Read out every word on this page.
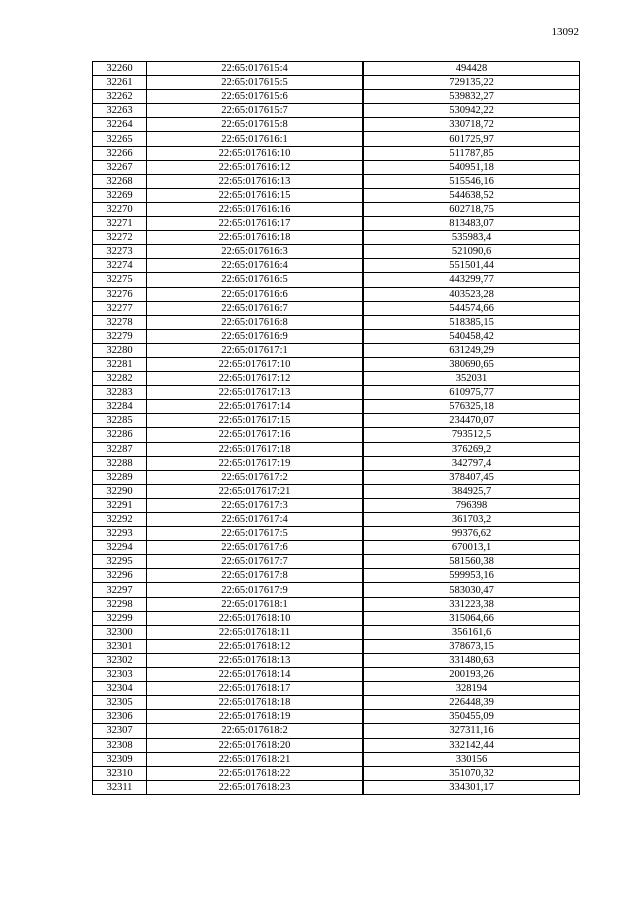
13092
32260	22:65:017615:4	494428
32261	22:65:017615:5	729135,22
32262	22:65:017615:6	539832,27
32263	22:65:017615:7	530942,22
32264	22:65:017615:8	330718,72
32265	22:65:017616:1	601725,97
32266	22:65:017616:10	511787,85
32267	22:65:017616:12	540951,18
32268	22:65:017616:13	515546,16
32269	22:65:017616:15	544638,52
32270	22:65:017616:16	602718,75
32271	22:65:017616:17	813483,07
32272	22:65:017616:18	535983,4
32273	22:65:017616:3	521090,6
32274	22:65:017616:4	551501,44
32275	22:65:017616:5	443299,77
32276	22:65:017616:6	403523,28
32277	22:65:017616:7	544574,66
32278	22:65:017616:8	518385,15
32279	22:65:017616:9	540458,42
32280	22:65:017617:1	631249,29
32281	22:65:017617:10	380690,65
32282	22:65:017617:12	352031
32283	22:65:017617:13	610975,77
32284	22:65:017617:14	576325,18
32285	22:65:017617:15	234470,07
32286	22:65:017617:16	793512,5
32287	22:65:017617:18	376269,2
32288	22:65:017617:19	342797,4
32289	22:65:017617:2	378407,45
32290	22:65:017617:21	384925,7
32291	22:65:017617:3	796398
32292	22:65:017617:4	361703,2
32293	22:65:017617:5	99376,62
32294	22:65:017617:6	670013,1
32295	22:65:017617:7	581560,38
32296	22:65:017617:8	599953,16
32297	22:65:017617:9	583030,47
32298	22:65:017618:1	331223,38
32299	22:65:017618:10	315064,66
32300	22:65:017618:11	356161,6
32301	22:65:017618:12	378673,15
32302	22:65:017618:13	331480,63
32303	22:65:017618:14	200193,26
32304	22:65:017618:17	328194
32305	22:65:017618:18	226448,39
32306	22:65:017618:19	350455,09
32307	22:65:017618:2	327311,16
32308	22:65:017618:20	332142,44
32309	22:65:017618:21	330156
32310	22:65:017618:22	351070,32
32311	22:65:017618:23	334301,17
